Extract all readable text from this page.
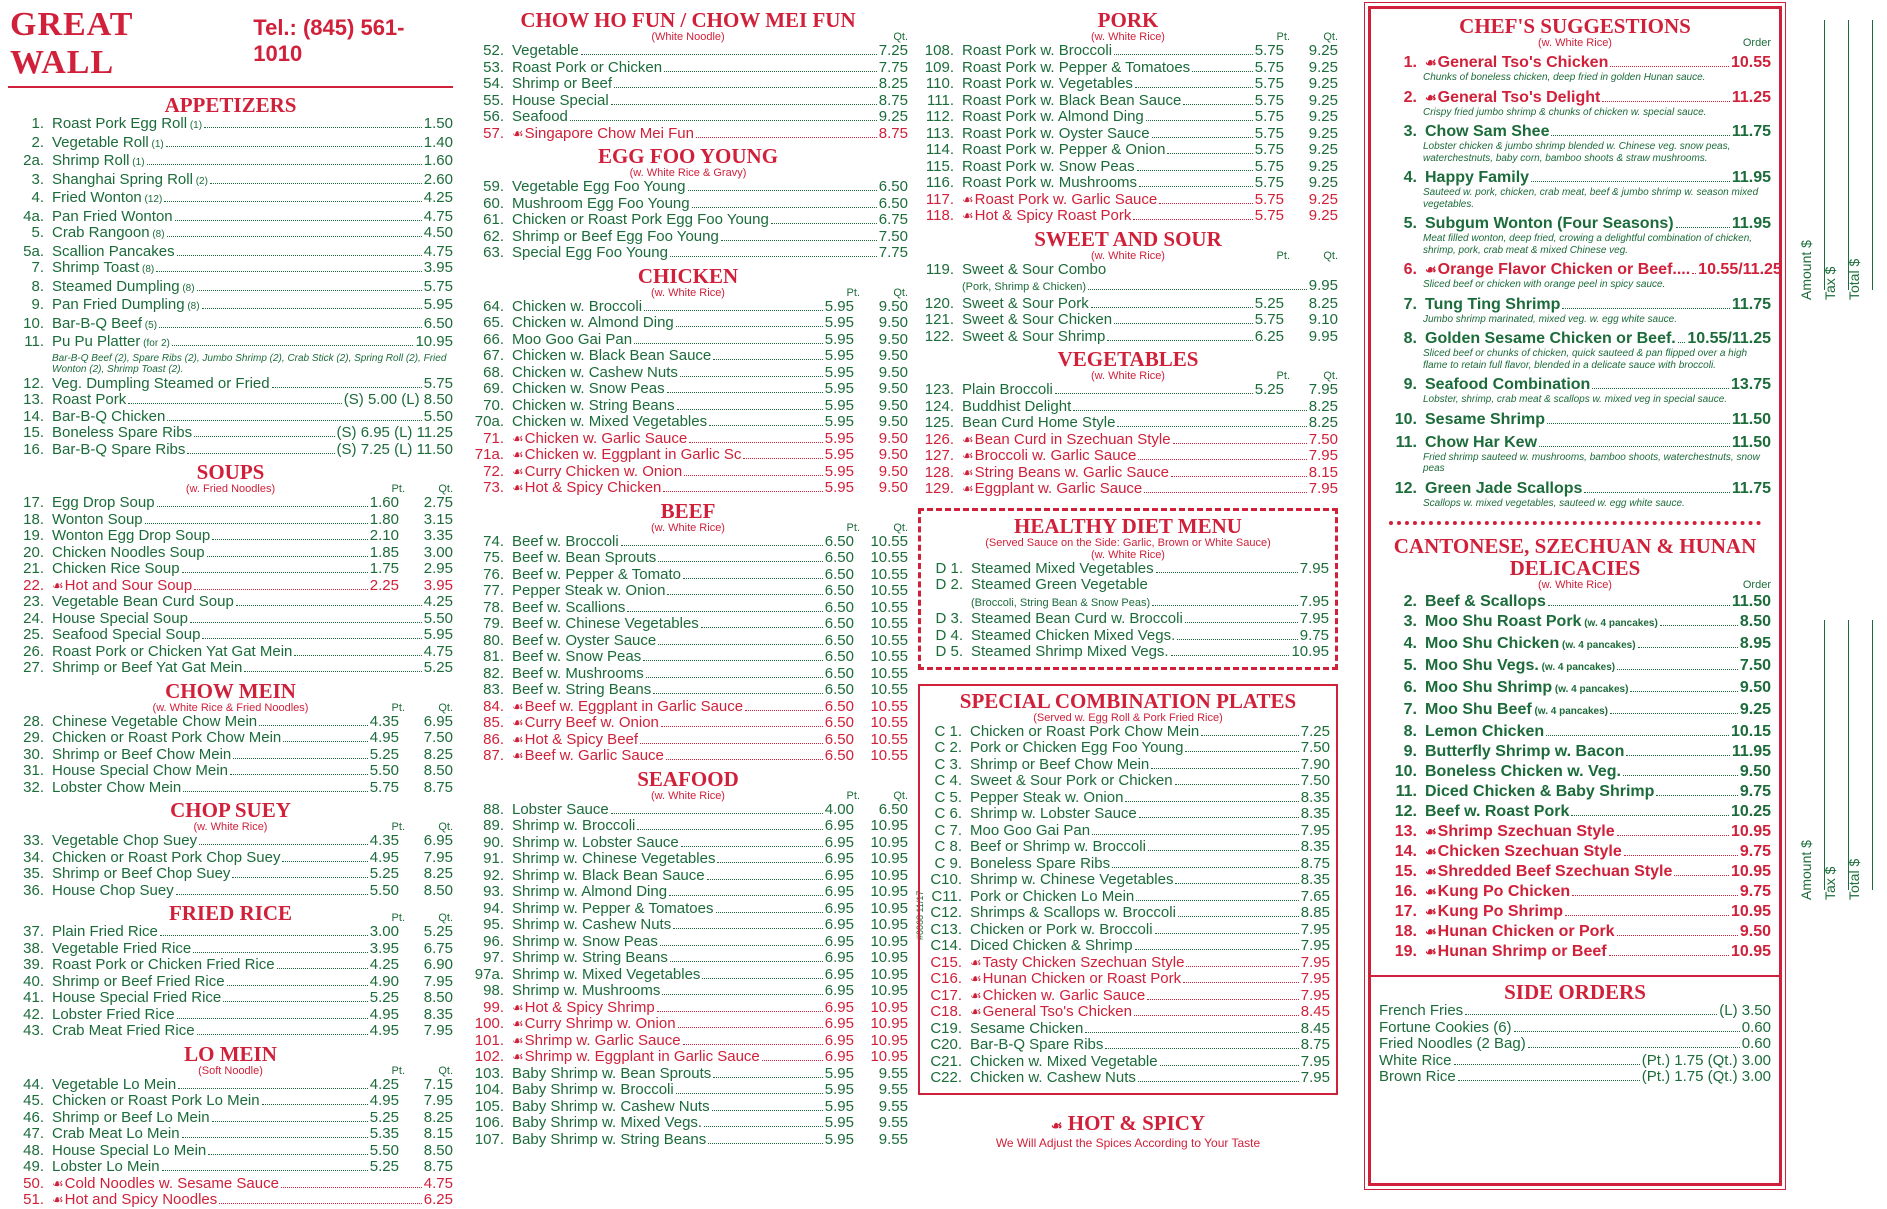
GREAT WALL
Tel.: (845) 561-1010
APPETIZERS
1. Roast Pork Egg Roll (1)	1.50
2. Vegetable Roll (1)	1.40
2a. Shrimp Roll (1)	1.60
3. Shanghai Spring Roll (2)	2.60
4. Fried Wonton (12)	4.25
4a. Pan Fried Wonton	4.75
5. Crab Rangoon (8)	4.50
5a. Scallion Pancakes	4.75
7. Shrimp Toast (8)	3.95
8. Steamed Dumpling (8)	5.75
9. Pan Fried Dumpling (8)	5.95
10. Bar-B-Q Beef (5)	6.50
11. Pu Pu Platter (for 2)	10.95
Bar-B-Q Beef (2), Spare Ribs (2), Jumbo Shrimp (2), Crab Stick (2), Spring Roll (2), Fried Wonton (2), Shrimp Toast (2).
12. Veg. Dumpling Steamed or Fried	5.75
13. Roast Pork	(S) 5.00 (L) 8.50
14. Bar-B-Q Chicken	5.50
15. Boneless Spare Ribs	(S) 6.95 (L) 11.25
16. Bar-B-Q Spare Ribs	(S) 7.25 (L) 11.50
SOUPS
(w. Fried Noodles)	Pt.	Qt.
17. Egg Drop Soup	1.60	2.75
18. Wonton Soup	1.80	3.15
19. Wonton Egg Drop Soup	2.10	3.35
20. Chicken Noodles Soup	1.85	3.00
21. Chicken Rice Soup	1.75	2.95
22. ☙ Hot and Sour Soup	2.25	3.95
23. Vegetable Bean Curd Soup	4.25
24. House Special Soup	5.50
25. Seafood Special Soup	5.95
26. Roast Pork or Chicken Yat Gat Mein	4.75
27. Shrimp or Beef Yat Gat Mein	5.25
CHOW MEIN
(w. White Rice & Fried Noodles)	Pt.	Qt.
28. Chinese Vegetable Chow Mein	4.35	6.95
29. Chicken or Roast Pork Chow Mein	4.95	7.50
30. Shrimp or Beef Chow Mein	5.25	8.25
31. House Special Chow Mein	5.50	8.50
32. Lobster Chow Mein	5.75	8.75
CHOP SUEY
(w. White Rice)	Pt.	Qt.
33. Vegetable Chop Suey	4.35	6.95
34. Chicken or Roast Pork Chop Suey	4.95	7.95
35. Shrimp or Beef Chop Suey	5.25	8.25
36. House Chop Suey	5.50	8.50
FRIED RICE	Pt.	Qt.
37. Plain Fried Rice	3.00	5.25
38. Vegetable Fried Rice	3.95	6.75
39. Roast Pork or Chicken Fried Rice	4.25	6.90
40. Shrimp or Beef Fried Rice	4.90	7.95
41. House Special Fried Rice	5.25	8.50
42. Lobster Fried Rice	4.95	8.35
43. Crab Meat Fried Rice	4.95	7.95
LO MEIN
(Soft Noodle)	Pt.	Qt.
44. Vegetable Lo Mein	4.25	7.15
45. Chicken or Roast Pork Lo Mein	4.95	7.95
46. Shrimp or Beef Lo Mein	5.25	8.25
47. Crab Meat Lo Mein	5.35	8.15
48. House Special Lo Mein	5.50	8.50
49. Lobster Lo Mein	5.25	8.75
50. ☙ Cold Noodles w. Sesame Sauce	4.75
51. ☙ Hot and Spicy Noodles	6.25
CHOW HO FUN / CHOW MEI FUN
(White Noodle)	Qt.
52. Vegetable	7.25
53. Roast Pork or Chicken	7.75
54. Shrimp or Beef	8.25
55. House Special	8.75
56. Seafood	9.25
57. ☙ Singapore Chow Mei Fun	8.75
EGG FOO YOUNG
(w. White Rice & Gravy)
59. Vegetable Egg Foo Young	6.50
60. Mushroom Egg Foo Young	6.50
61. Chicken or Roast Pork Egg Foo Young	6.75
62. Shrimp or Beef Egg Foo Young	7.50
63. Special Egg Foo Young	7.75
CHICKEN
(w. White Rice)	Pt.	Qt.
64. Chicken w. Broccoli	5.95	9.50
65. Chicken w. Almond Ding	5.95	9.50
66. Moo Goo Gai Pan	5.95	9.50
67. Chicken w. Black Bean Sauce	5.95	9.50
68. Chicken w. Cashew Nuts	5.95	9.50
69. Chicken w. Snow Peas	5.95	9.50
70. Chicken w. String Beans	5.95	9.50
70a. Chicken w. Mixed Vegetables	5.95	9.50
71. ☙ Chicken w. Garlic Sauce	5.95	9.50
71a. ☙ Chicken w. Eggplant in Garlic Sc	5.95	9.50
72. ☙ Curry Chicken w. Onion	5.95	9.50
73. ☙ Hot & Spicy Chicken	5.95	9.50
BEEF
(w. White Rice)	Pt.	Qt.
74. Beef w. Broccoli	6.50	10.55
75. Beef w. Bean Sprouts	6.50	10.55
76. Beef w. Pepper & Tomato	6.50	10.55
77. Pepper Steak w. Onion	6.50	10.55
78. Beef w. Scallions	6.50	10.55
79. Beef w. Chinese Vegetables	6.50	10.55
80. Beef w. Oyster Sauce	6.50	10.55
81. Beef w. Snow Peas	6.50	10.55
82. Beef w. Mushrooms	6.50	10.55
83. Beef w. String Beans	6.50	10.55
84. ☙ Beef w. Eggplant in Garlic Sauce	6.50	10.55
85. ☙ Curry Beef w. Onion	6.50	10.55
86. ☙ Hot & Spicy Beef	6.50	10.55
87. ☙ Beef w. Garlic Sauce	6.50	10.55
SEAFOOD
(w. White Rice)	Pt.	Qt.
88. Lobster Sauce	4.00	6.50
89. Shrimp w. Broccoli	6.95	10.95
90. Shrimp w. Lobster Sauce	6.95	10.95
91. Shrimp w. Chinese Vegetables	6.95	10.95
92. Shrimp w. Black Bean Sauce	6.95	10.95
93. Shrimp w. Almond Ding	6.95	10.95
94. Shrimp w. Pepper & Tomatoes	6.95	10.95
95. Shrimp w. Cashew Nuts	6.95	10.95
96. Shrimp w. Snow Peas	6.95	10.95
97. Shrimp w. String Beans	6.95	10.95
97a. Shrimp w. Mixed Vegetables	6.95	10.95
98. Shrimp w. Mushrooms	6.95	10.95
99. ☙ Hot & Spicy Shrimp	6.95	10.95
100. ☙ Curry Shrimp w. Onion	6.95	10.95
101. ☙ Shrimp w. Garlic Sauce	6.95	10.95
102. ☙ Shrimp w. Eggplant in Garlic Sauce	6.95	10.95
103. Baby Shrimp w. Bean Sprouts	5.95	9.55
104. Baby Shrimp w. Broccoli	5.95	9.55
105. Baby Shrimp w. Cashew Nuts	5.95	9.55
106. Baby Shrimp w. Mixed Vegs.	5.95	9.55
107. Baby Shrimp w. String Beans	5.95	9.55
#0068 11/17
PORK
(w. White Rice)	Pt.	Qt.
108. Roast Pork w. Broccoli	5.75	9.25
109. Roast Pork w. Pepper & Tomatoes	5.75	9.25
110. Roast Pork w. Vegetables	5.75	9.25
111. Roast Pork w. Black Bean Sauce	5.75	9.25
112. Roast Pork w. Almond Ding	5.75	9.25
113. Roast Pork w. Oyster Sauce	5.75	9.25
114. Roast Pork w. Pepper & Onion	5.75	9.25
115. Roast Pork w. Snow Peas	5.75	9.25
116. Roast Pork w. Mushrooms	5.75	9.25
117. ☙ Roast Pork w. Garlic Sauce	5.75	9.25
118. ☙ Hot & Spicy Roast Pork	5.75	9.25
SWEET AND SOUR
(w. White Rice)	Pt.	Qt.
119. Sweet & Sour Combo
(Pork, Shrimp & Chicken)	9.95
120. Sweet & Sour Pork	5.25	8.25
121. Sweet & Sour Chicken	5.75	9.10
122. Sweet & Sour Shrimp	6.25	9.95
VEGETABLES
(w. White Rice)	Pt.	Qt.
123. Plain Broccoli	5.25	7.95
124. Buddhist Delight	8.25
125. Bean Curd Home Style	8.25
126. ☙ Bean Curd in Szechuan Style	7.50
127. ☙ Broccoli w. Garlic Sauce	7.95
128. ☙ String Beans w. Garlic Sauce	8.15
129. ☙ Eggplant w. Garlic Sauce	7.95
HEALTHY DIET MENU
(Served Sauce on the Side: Garlic, Brown or White Sauce)
(w. White Rice)
D 1. Steamed Mixed Vegetables	7.95
D 2. Steamed Green Vegetable
(Broccoli, String Bean & Snow Peas)	7.95
D 3. Steamed Bean Curd w. Broccoli	7.95
D 4. Steamed Chicken Mixed Vegs.	9.75
D 5. Steamed Shrimp Mixed Vegs.	10.95
SPECIAL COMBINATION PLATES
(Served w. Egg Roll & Pork Fried Rice)
C 1. Chicken or Roast Pork Chow Mein	7.25
C 2. Pork or Chicken Egg Foo Young	7.50
C 3. Shrimp or Beef Chow Mein	7.90
C 4. Sweet & Sour Pork or Chicken	7.50
C 5. Pepper Steak w. Onion	8.35
C 6. Shrimp w. Lobster Sauce	8.35
C 7. Moo Goo Gai Pan	7.95
C 8. Beef or Shrimp w. Broccoli	8.35
C 9. Boneless Spare Ribs	8.75
C10. Shrimp w. Chinese Vegetables	8.35
C11. Pork or Chicken Lo Mein	7.65
C12. Shrimps & Scallops w. Broccoli	8.85
C13. Chicken or Pork w. Broccoli	7.95
C14. Diced Chicken & Shrimp	7.95
C15. ☙ Tasty Chicken Szechuan Style	7.95
C16. ☙ Hunan Chicken or Roast Pork	7.95
C17. ☙ Chicken w. Garlic Sauce	7.95
C18. ☙ General Tso's Chicken	8.45
C19. Sesame Chicken	8.45
C20. Bar-B-Q Spare Ribs	8.75
C21. Chicken w. Mixed Vegetable	7.95
C22. Chicken w. Cashew Nuts	7.95
☙ HOT & SPICY
We Will Adjust the Spices According to Your Taste
CHEF'S SUGGESTIONS
(w. White Rice)	Order
1. ☙ General Tso's Chicken	10.55
Chunks of boneless chicken, deep fried in golden Hunan sauce.
2. ☙ General Tso's Delight	11.25
Crispy fried jumbo shrimp & chunks of chicken w. special sauce.
3. Chow Sam Shee	11.75
Lobster chicken & jumbo shrimp blended w. Chinese veg. snow peas, waterchestnuts, baby corn, bamboo shoots & straw mushrooms.
4. Happy Family	11.95
Sauteed w. pork, chicken, crab meat, beef & jumbo shrimp w. season mixed vegetables.
5. Subgum Wonton (Four Seasons)	11.95
Meat filled wonton, deep fried, crowing a delightful combination of chicken, shrimp, pork, crab meat & mixed Chinese veg.
6. ☙ Orange Flavor Chicken or Beef.... 10.55/11.25
Sliced beef or chicken with orange peel in spicy sauce.
7. Tung Ting Shrimp	11.75
Jumbo shrimp marinated, mixed veg. w. egg white sauce.
8. Golden Sesame Chicken or Beef. 10.55/11.25
Sliced beef or chunks of chicken, quick sauteed & pan flipped over a high flame to retain full flavor, blended in a delicate sauce with broccoli.
9. Seafood Combination	13.75
Lobster, shrimp, crab meat & scallops w. mixed veg in special sauce.
10. Sesame Shrimp	11.50
11. Chow Har Kew	11.50
Fried shrimp sauteed w. mushrooms, bamboo shoots, waterchestnuts, snow peas
12. Green Jade Scallops	11.75
Scallops w. mixed vegetables, sauteed w. egg white sauce.
CANTONESE, SZECHUAN & HUNAN DELICACIES
(w. White Rice)	Order
2. Beef & Scallops	11.50
3. Moo Shu Roast Pork (w. 4 pancakes)	8.50
4. Moo Shu Chicken (w. 4 pancakes)	8.95
5. Moo Shu Vegs. (w. 4 pancakes)	7.50
6. Moo Shu Shrimp (w. 4 pancakes)	9.50
7. Moo Shu Beef (w. 4 pancakes)	9.25
8. Lemon Chicken	10.15
9. Butterfly Shrimp w. Bacon	11.95
10. Boneless Chicken w. Veg.	9.50
11. Diced Chicken & Baby Shrimp	9.75
12. Beef w. Roast Pork	10.25
13. ☙ Shrimp Szechuan Style	10.95
14. ☙ Chicken Szechuan Style	9.75
15. ☙ Shredded Beef Szechuan Style	10.95
16. ☙ Kung Po Chicken	9.75
17. ☙ Kung Po Shrimp	10.95
18. ☙ Hunan Chicken or Pork	9.50
19. ☙ Hunan Shrimp or Beef	10.95
SIDE ORDERS
French Fries	(L) 3.50
Fortune Cookies (6)	0.60
Fried Noodles (2 Bag)	0.60
White Rice	(Pt.) 1.75 (Qt.) 3.00
Brown Rice	(Pt.) 1.75 (Qt.) 3.00
Amount $ Tax $ Total $
Amount $ Tax $ Total $
